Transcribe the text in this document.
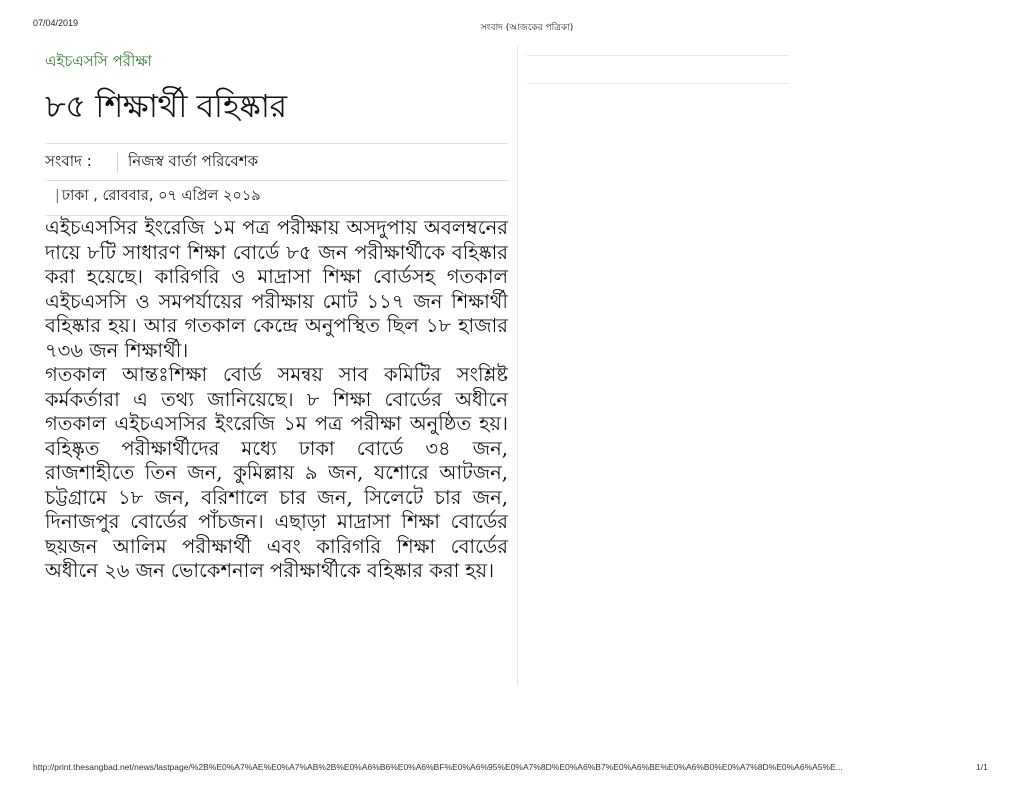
07/04/2019	সংবাদ (আজকের পত্রিকা)

এইচএসসি পরীক্ষা

৮৫ শিক্ষার্থী বহিষ্কার
সংবাদ :	নিজস্ব বার্তা পরিবেশক
| ঢাকা , রোববার, ০৭ এপ্রিল ২০১৯

এইচএসসির ইংরেজি ১ম পত্র পরীক্ষায় অসদুপায় অবলম্বনের দায়ে ৮টি সাধারণ শিক্ষা বোর্ডে ৮৫ জন পরীক্ষার্থীকে বহিষ্কার করা হয়েছে। কারিগরি ও মাদ্রাসা শিক্ষা বোর্ডসহ গতকাল এইচএসসি ও সমপর্যায়ের পরীক্ষায় মোট ১১৭ জন শিক্ষার্থী বহিষ্কার হয়। আর গতকাল কেন্দ্রে অনুপস্থিত ছিল ১৮ হাজার ৭৩৬ জন শিক্ষার্থী।

গতকাল আন্তঃশিক্ষা বোর্ড সমন্বয় সাব কমিটির সংশ্লিষ্ট কর্মকর্তারা এ তথ্য জানিয়েছে। ৮ শিক্ষা বোর্ডের অধীনে গতকাল এইচএসসির ইংরেজি ১ম পত্র পরীক্ষা অনুষ্ঠিত হয়। বহিষ্কৃত পরীক্ষার্থীদের মধ্যে ঢাকা বোর্ডে ৩৪ জন, রাজশাহীতে তিন জন, কুমিল্লায় ৯ জন, যশোরে আটজন, চট্টগ্রামে ১৮ জন, বরিশালে চার জন, সিলেটে চার জন, দিনাজপুর বোর্ডের পাঁচজন। এছাড়া মাদ্রাসা শিক্ষা বোর্ডের ছয়জন আলিম পরীক্ষার্থী এবং কারিগরি শিক্ষা বোর্ডের অধীনে ২৬ জন ভোকেশনাল পরীক্ষার্থীকে বহিষ্কার করা হয়।

http://print.thesangbad.net/news/lastpage/%2B%E0%A7%AE%E0%A7%AB%2B%E0%A6%B6%E0%A6%BF%E0%A6%95%E0%A7%8D%E0%A6%B7%E0%A6%BE%E0%A6%B0%E0%A7%8D%E0%A6%A5%E...	1/1
